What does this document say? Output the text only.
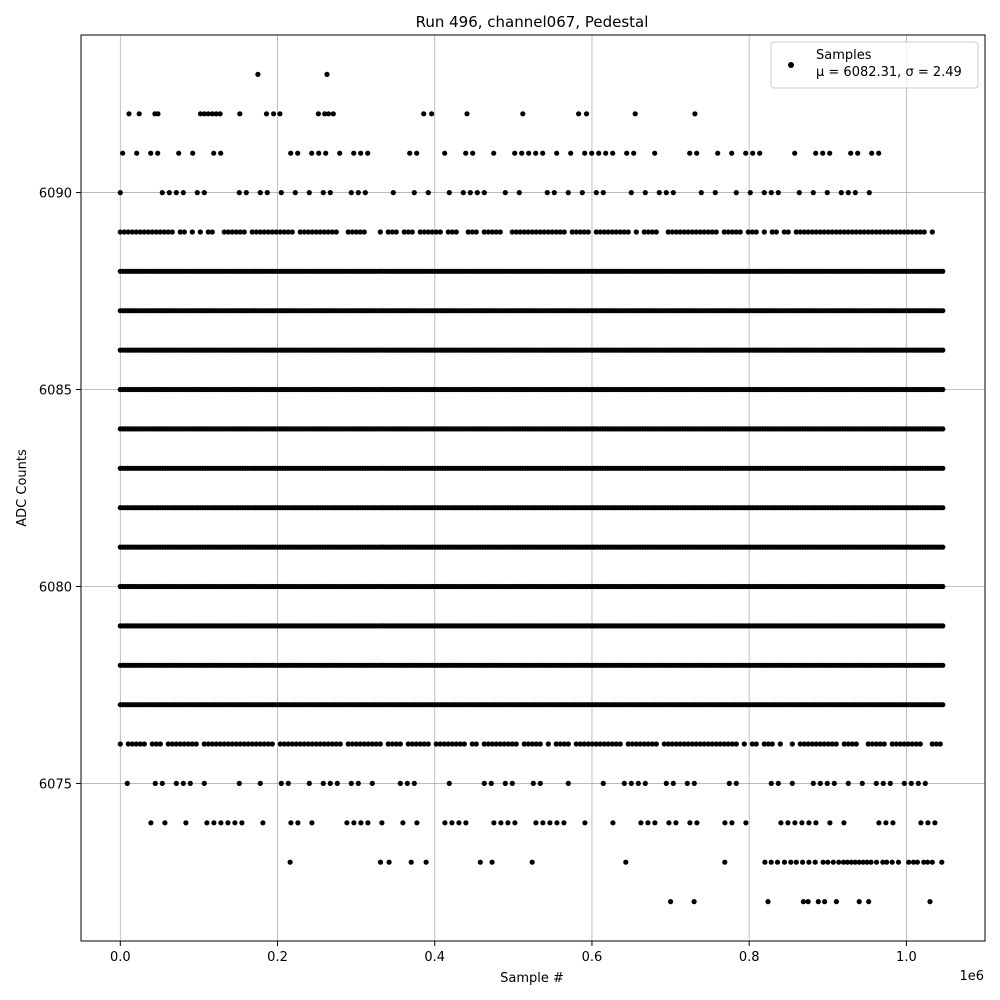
Run 496, channel067, Pedestal
0.0	0.2	0.4	0.6	0.8	1.0
6075
6080
6085
6090
Sample #
ADC Counts
1e6
Samples
μ = 6082.31, σ = 2.49
